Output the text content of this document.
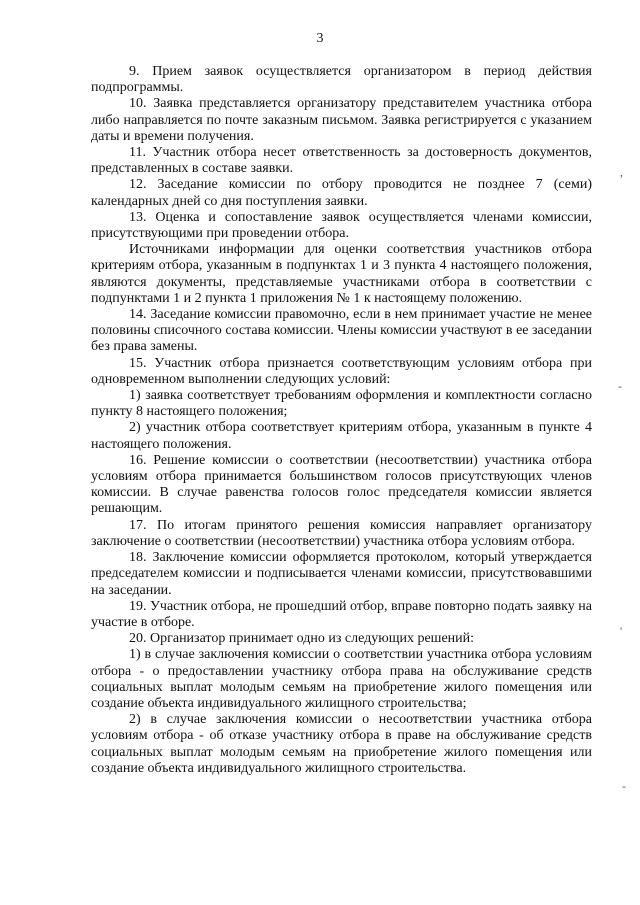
3

9. Прием заявок осуществляется организатором в период действия подпрограммы.

10. Заявка представляется организатору представителем участника отбора либо направляется по почте заказным письмом. Заявка регистрируется с указанием даты и времени получения.

11. Участник отбора несет ответственность за достоверность документов, представленных в составе заявки.

12. Заседание комиссии по отбору проводится не позднее 7 (семи) календарных дней со дня поступления заявки.

13. Оценка и сопоставление заявок осуществляется членами комиссии, присутствующими при проведении отбора.

Источниками информации для оценки соответствия участников отбора критериям отбора, указанным в подпунктах 1 и 3 пункта 4 настоящего положения, являются документы, представляемые участниками отбора в соответствии с подпунктами 1 и 2 пункта 1 приложения № 1 к настоящему положению.

14. Заседание комиссии правомочно, если в нем принимает участие не менее половины списочного состава комиссии. Члены комиссии участвуют в ее заседании без права замены.

15. Участник отбора признается соответствующим условиям отбора при одновременном выполнении следующих условий:

1) заявка соответствует требованиям оформления и комплектности согласно пункту 8 настоящего положения;

2) участник отбора соответствует критериям отбора, указанным в пункте 4 настоящего положения.

16. Решение комиссии о соответствии (несоответствии) участника отбора условиям отбора принимается большинством голосов присутствующих членов комиссии. В случае равенства голосов голос председателя комиссии является решающим.

17. По итогам принятого решения комиссия направляет организатору заключение о соответствии (несоответствии) участника отбора условиям отбора.

18. Заключение комиссии оформляется протоколом, который утверждается председателем комиссии и подписывается членами комиссии, присутствовавшими на заседании.

19. Участник отбора, не прошедший отбор, вправе повторно подать заявку на участие в отборе.

20. Организатор принимает одно из следующих решений:

1) в случае заключения комиссии о соответствии участника отбора условиям отбора - о предоставлении участнику отбора права на обслуживание средств социальных выплат молодым семьям на приобретение жилого помещения или создание объекта индивидуального жилищного строительства;

2) в случае заключения комиссии о несоответствии участника отбора условиям отбора - об отказе участнику отбора в праве на обслуживание средств социальных выплат молодым семьям на приобретение жилого помещения или создание объекта индивидуального жилищного строительства.

,
-
'
-
